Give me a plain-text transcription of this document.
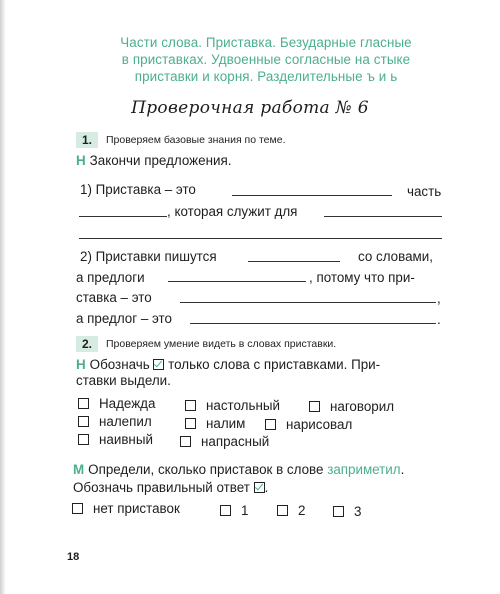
Части слова. Приставка. Безударные гласные
в приставках. Удвоенные согласные на стыке
приставки и корня. Разделительные ъ и ь
Проверочная работа № 6
1.	Проверяем базовые знания по теме.
Н Закончи предложения.
1) Приставка – это	часть
, которая служит для
2) Приставки пишутся	со словами,
а предлоги	, потому что при-
ставка – это	,
а предлог – это	.
2.	Проверяем умение видеть в словах приставки.
Н Обозначь только слова с приставками. При-
ставки выдели.
Надежда	настольный	наговорил
налепил	налим	нарисовал
наивный	напрасный
М Определи, сколько приставок в слове заприметил.
Обозначь правильный ответ .
нет приставок	1	2	3
18
